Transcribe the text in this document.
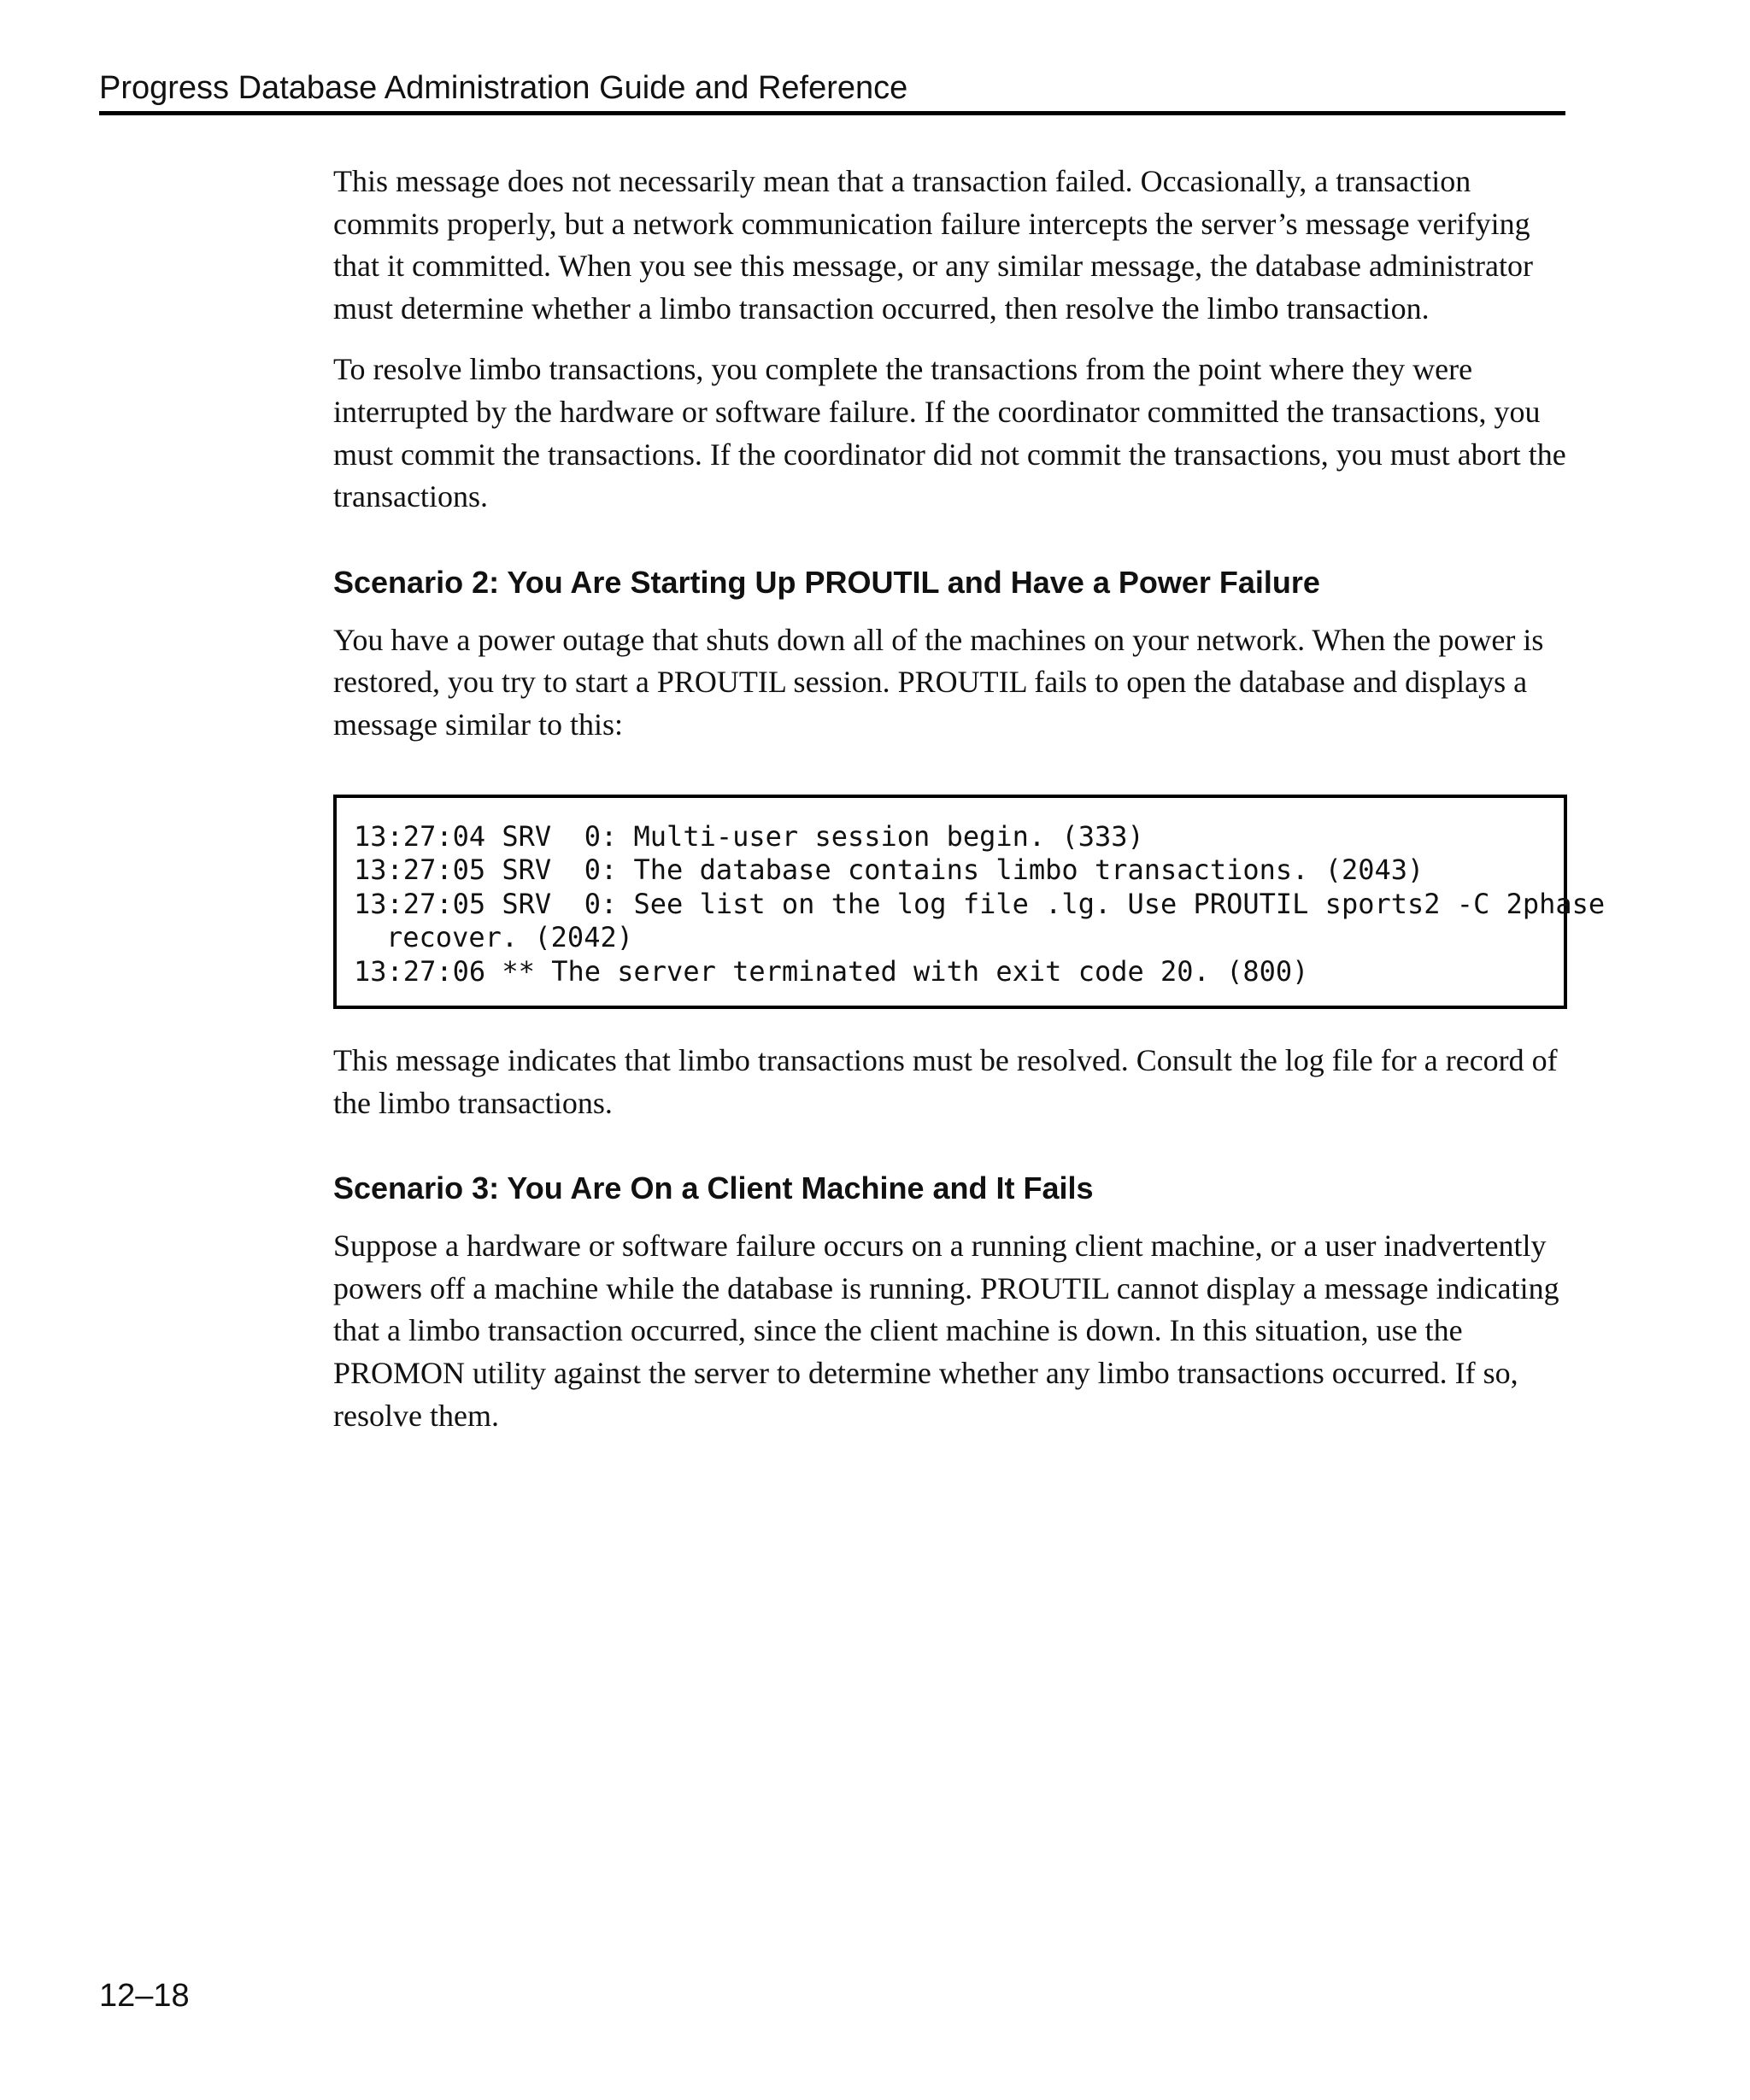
Progress Database Administration Guide and Reference

This message does not necessarily mean that a transaction failed. Occasionally, a transaction commits properly, but a network communication failure intercepts the server’s message verifying that it committed. When you see this message, or any similar message, the database administrator must determine whether a limbo transaction occurred, then resolve the limbo transaction.

To resolve limbo transactions, you complete the transactions from the point where they were interrupted by the hardware or software failure. If the coordinator committed the transactions, you must commit the transactions. If the coordinator did not commit the transactions, you must abort the transactions.

Scenario 2: You Are Starting Up PROUTIL and Have a Power Failure

You have a power outage that shuts down all of the machines on your network. When the power is restored, you try to start a PROUTIL session. PROUTIL fails to open the database and displays a message similar to this:

13:27:04 SRV  0: Multi-user session begin. (333)
13:27:05 SRV  0: The database contains limbo transactions. (2043)
13:27:05 SRV  0: See list on the log file .lg. Use PROUTIL sports2 -C 2phase
recover. (2042)
13:27:06 ** The server terminated with exit code 20. (800)

This message indicates that limbo transactions must be resolved. Consult the log file for a record of the limbo transactions.

Scenario 3: You Are On a Client Machine and It Fails

Suppose a hardware or software failure occurs on a running client machine, or a user inadvertently powers off a machine while the database is running. PROUTIL cannot display a message indicating that a limbo transaction occurred, since the client machine is down. In this situation, use the PROMON utility against the server to determine whether any limbo transactions occurred. If so, resolve them.

12–18
